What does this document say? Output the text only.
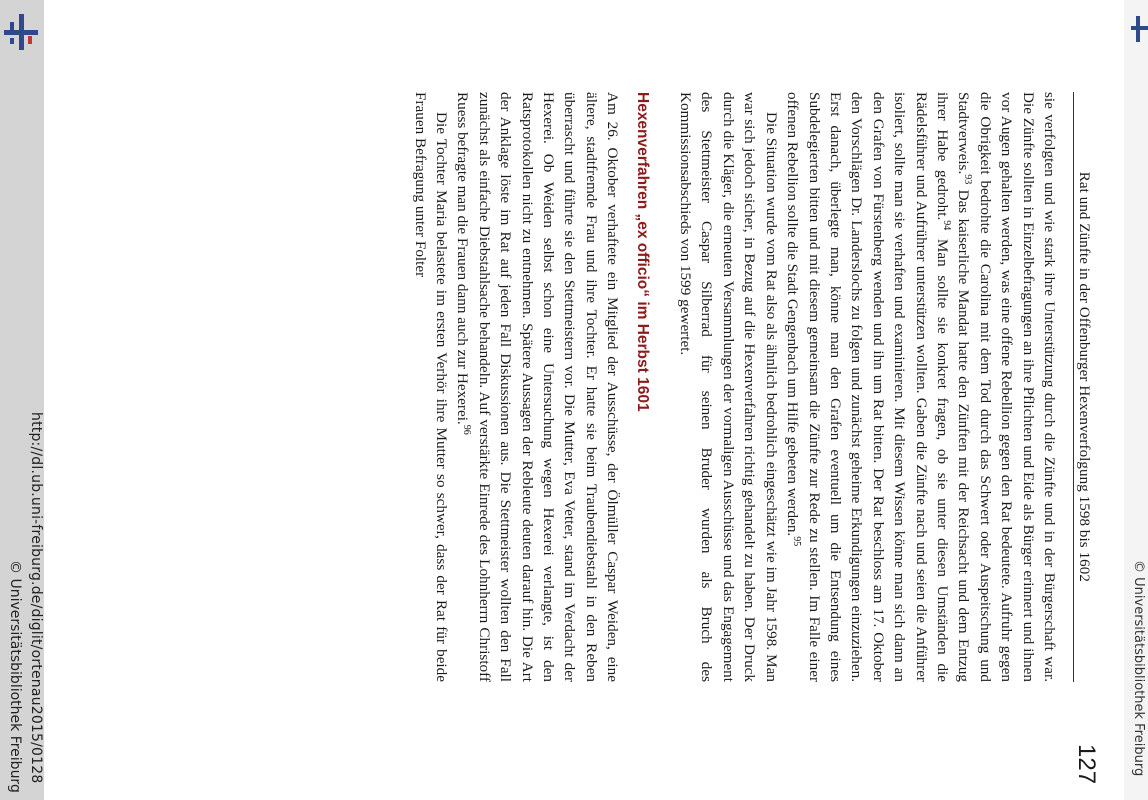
http://dl.ub.uni-freiburg.de/diglit/ortenau2015/0128
© Universitätsbibliothek Freiburg	© Universitätsbibliothek Freiburg
Rat und Zünfte in der Offenburger Hexenverfolgung 1598 bis 1602
127

sie verfolgten und wie stark ihre Unterstützung durch die Zünfte und in der Bürgerschaft war. Die Zünfte sollten in Einzelbefragungen an ihre Pflichten und Eide als Bürger erinnert und ihnen vor Augen gehalten werden, was eine offene Rebellion gegen den Rat bedeutete. Aufruhr gegen die Obrigkeit bedrohte die Carolina mit dem Tod durch das Schwert oder Auspeitschung und Stadtverweis.$^{93}$ Das kaiserliche Mandat hatte den Zünften mit der Reichsacht und dem Entzug ihrer Habe gedroht.$^{94}$ Man sollte sie konkret fragen, ob sie unter diesen Umständen die Rädelsführer und Aufrührer unterstützen wollten. Gaben die Zünfte nach und seien die Anführer isoliert, sollte man sie verhaften und examinieren. Mit diesem Wissen könne man sich dann an den Grafen von Fürstenberg wenden und ihn um Rat bitten. Der Rat beschloss am 17. Oktober den Vorschlägen Dr. Landerslochs zu folgen und zunächst geheime Erkundigungen einzuziehen. Erst danach, überlegte man, könne man den Grafen eventuell um die Entsendung eines Subdelegierten bitten und mit diesem gemeinsam die Zünfte zur Rede zu stellen. Im Falle einer offenen Rebellion sollte die Stadt Gengenbach um Hilfe gebeten werden.$^{95}$

Die Situation wurde vom Rat also als ähnlich bedrohlich eingeschätzt wie im Jahr 1598. Man war sich jedoch sicher, in Bezug auf die Hexenverfahren richtig gehandelt zu haben. Der Druck durch die Kläger, die erneuten Versammlungen der vormaligen Ausschüsse und das Engagement des Stettmeister Caspar Silberrad für seinen Bruder wurden als Bruch des Kommissionsabschieds von 1599 gewertet.

Hexenverfahren „ex officio“ im Herbst 1601

Am 26. Oktober verhaftete ein Mitglied der Ausschüsse, der Ölmüller Caspar Weiden, eine ältere, stadtfremde Frau und ihre Tochter. Er hatte sie beim Traubendiebstahl in den Reben überrascht und führte sie den Stettmeistern vor. Die Mutter, Eva Vetter, stand im Verdacht der Hexerei. Ob Weiden selbst schon eine Untersuchung wegen Hexerei verlangte, ist den Ratsprotokollen nicht zu entnehmen. Spätere Aussagen der Rebleute deuten darauf hin. Die Art der Anklage löste im Rat auf jeden Fall Diskussionen aus. Die Stettmeister wollten den Fall zunächst als einfache Diebstahlsache behandeln. Auf verstärkte Einrede des Lohnherrn Christoff Ruess befragte man die Frauen dann auch zur Hexerei.$^{96}$

Die Tochter Maria belastete im ersten Verhör ihre Mutter so schwer, dass der Rat für beide Frauen Befragung unter Folter
